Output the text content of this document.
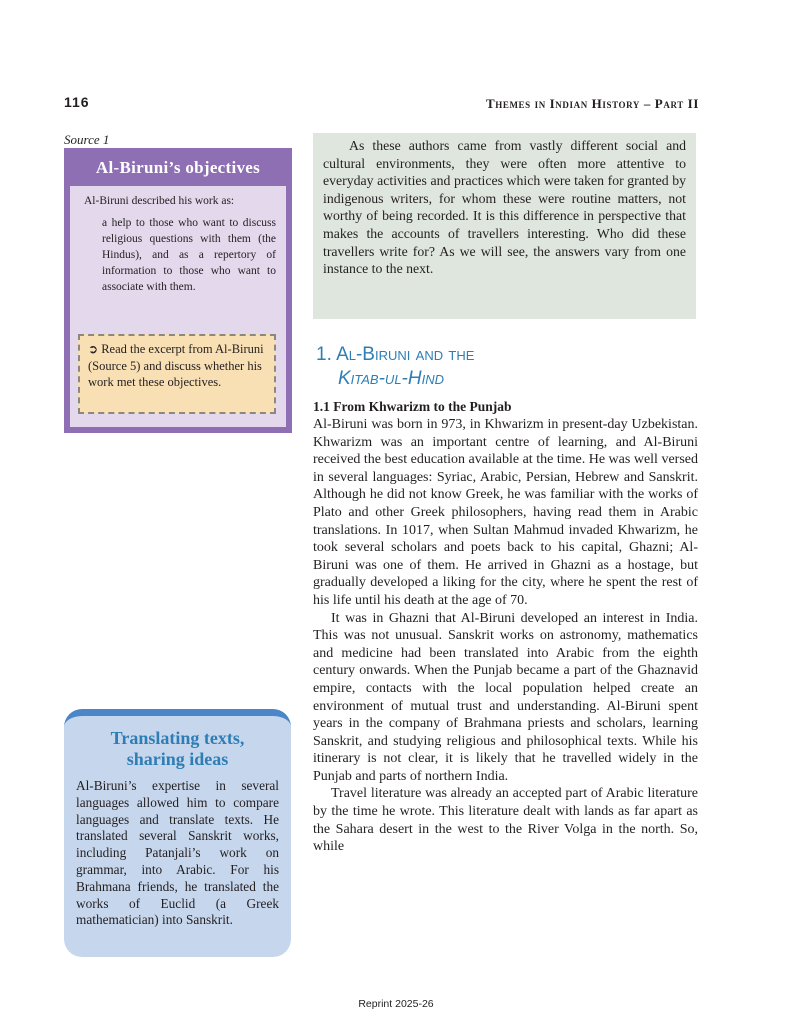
116	Themes in Indian History – Part II
Source 1
Al-Biruni’s objectives
Al-Biruni described his work as:
a help to those who want to discuss religious questions with them (the Hindus), and as a repertory of information to those who want to associate with them.
➲ Read the excerpt from Al-Biruni (Source 5) and discuss whether his work met these objectives.
As these authors came from vastly different social and cultural environments, they were often more attentive to everyday activities and practices which were taken for granted by indigenous writers, for whom these were routine matters, not worthy of being recorded. It is this difference in perspective that makes the accounts of travellers interesting. Who did these travellers write for? As we will see, the answers vary from one instance to the next.
1. Al-Biruni and the
Kitab-ul-Hind
1.1 From Khwarizm to the Punjab

Al-Biruni was born in 973, in Khwarizm in present-day Uzbekistan. Khwarizm was an important centre of learning, and Al-Biruni received the best education available at the time. He was well versed in several languages: Syriac, Arabic, Persian, Hebrew and Sanskrit. Although he did not know Greek, he was familiar with the works of Plato and other Greek philosophers, having read them in Arabic translations. In 1017, when Sultan Mahmud invaded Khwarizm, he took several scholars and poets back to his capital, Ghazni; Al-Biruni was one of them. He arrived in Ghazni as a hostage, but gradually developed a liking for the city, where he spent the rest of his life until his death at the age of 70.

It was in Ghazni that Al-Biruni developed an interest in India. This was not unusual. Sanskrit works on astronomy, mathematics and medicine had been translated into Arabic from the eighth century onwards. When the Punjab became a part of the Ghaznavid empire, contacts with the local population helped create an environment of mutual trust and understanding. Al-Biruni spent years in the company of Brahmana priests and scholars, learning Sanskrit, and studying religious and philosophical texts. While his itinerary is not clear, it is likely that he travelled widely in the Punjab and parts of northern India.

Travel literature was already an accepted part of Arabic literature by the time he wrote. This literature dealt with lands as far apart as the Sahara desert in the west to the River Volga in the north. So, while

Translating texts,
sharing ideas
Al-Biruni’s expertise in several languages allowed him to compare languages and translate texts. He translated several Sanskrit works, including Patanjali’s work on grammar, into Arabic. For his Brahmana friends, he translated the works of Euclid (a Greek mathematician) into Sanskrit.
Reprint 2025-26
